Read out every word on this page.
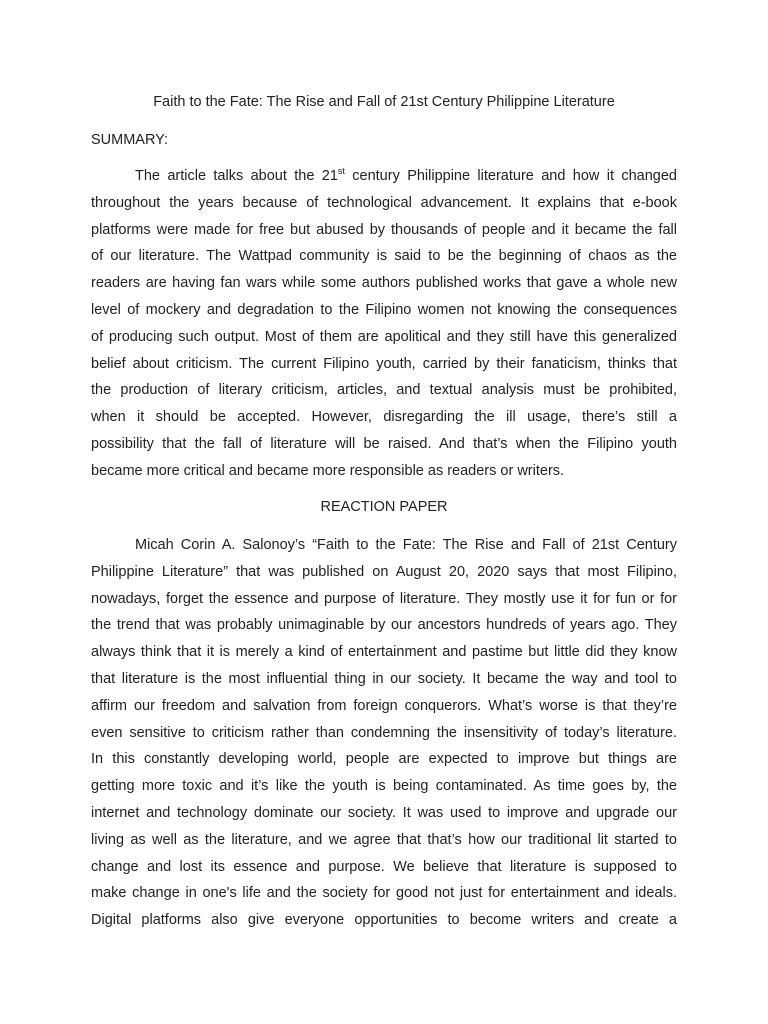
Faith to the Fate: The Rise and Fall of 21st Century Philippine Literature
SUMMARY:
The article talks about the 21st century Philippine literature and how it changed
throughout the years because of technological advancement. It explains that e-book
platforms were made for free but abused by thousands of people and it became the fall
of our literature. The Wattpad community is said to be the beginning of chaos as the
readers are having fan wars while some authors published works that gave a whole new
level of mockery and degradation to the Filipino women not knowing the consequences
of producing such output. Most of them are apolitical and they still have this generalized
belief about criticism. The current Filipino youth, carried by their fanaticism, thinks that
the production of literary criticism, articles, and textual analysis must be prohibited,
when it should be accepted. However, disregarding the ill usage, there’s still a
possibility that the fall of literature will be raised. And that’s when the Filipino youth
became more critical and became more responsible as readers or writers.
REACTION PAPER
Micah Corin A. Salonoy’s “Faith to the Fate: The Rise and Fall of 21st Century
Philippine Literature” that was published on August 20, 2020 says that most Filipino,
nowadays, forget the essence and purpose of literature. They mostly use it for fun or for
the trend that was probably unimaginable by our ancestors hundreds of years ago. They
always think that it is merely a kind of entertainment and pastime but little did they know
that literature is the most influential thing in our society. It became the way and tool to
affirm our freedom and salvation from foreign conquerors. What’s worse is that they’re
even sensitive to criticism rather than condemning the insensitivity of today’s literature.
In this constantly developing world, people are expected to improve but things are
getting more toxic and it’s like the youth is being contaminated. As time goes by, the
internet and technology dominate our society. It was used to improve and upgrade our
living as well as the literature, and we agree that that’s how our traditional lit started to
change and lost its essence and purpose. We believe that literature is supposed to
make change in one's life and the society for good not just for entertainment and ideals.
Digital platforms also give everyone opportunities to become writers and create a
